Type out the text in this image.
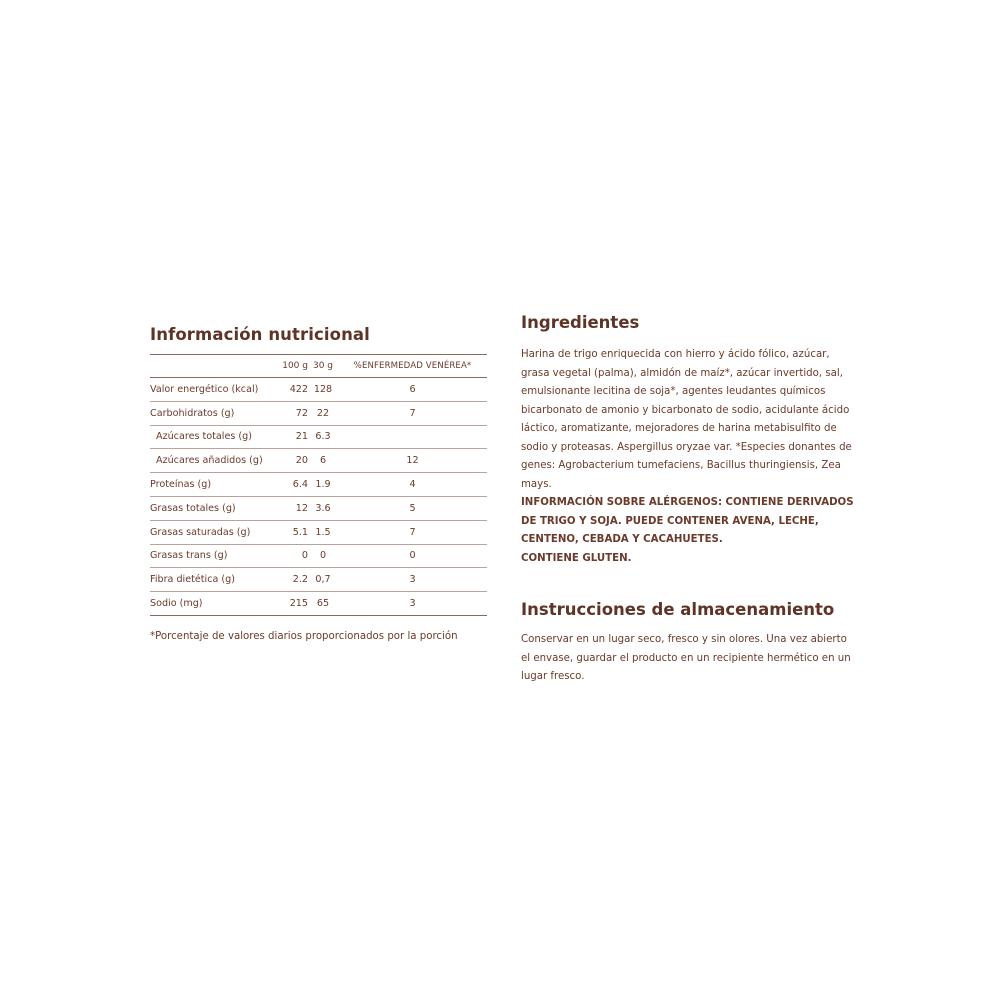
Información nutricional
	100 g	30 g	%ENFERMEDAD VENÉREA*
Valor energético (kcal)	422	128	6
Carbohidratos (g)	72	22	7
Azúcares totales (g)	21	6.3	
Azúcares añadidos (g)	20	6	12
Proteínas (g)	6.4	1.9	4
Grasas totales (g)	12	3.6	5
Grasas saturadas (g)	5.1	1.5	7
Grasas trans (g)	0	0	0
Fibra dietética (g)	2.2	0,7	3
Sodio (mg)	215	65	3
*Porcentaje de valores diarios proporcionados por la porción
Ingredientes
Harina de trigo enriquecida con hierro y ácido fólico, azúcar, grasa vegetal (palma), almidón de maíz*, azúcar invertido, sal, emulsionante lecitina de soja*, agentes leudantes químicos bicarbonato de amonio y bicarbonato de sodio, acidulante ácido láctico, aromatizante, mejoradores de harina metabisulfito de sodio y proteasas. Aspergillus oryzae var. *Especies donantes de genes: Agrobacterium tumefaciens, Bacillus thuringiensis, Zea mays.
INFORMACIÓN SOBRE ALÉRGENOS: CONTIENE DERIVADOS DE TRIGO Y SOJA. PUEDE CONTENER AVENA, LECHE, CENTENO, CEBADA Y CACAHUETES.
CONTIENE GLUTEN.
Instrucciones de almacenamiento
Conservar en un lugar seco, fresco y sin olores. Una vez abierto el envase, guardar el producto en un recipiente hermético en un lugar fresco.
